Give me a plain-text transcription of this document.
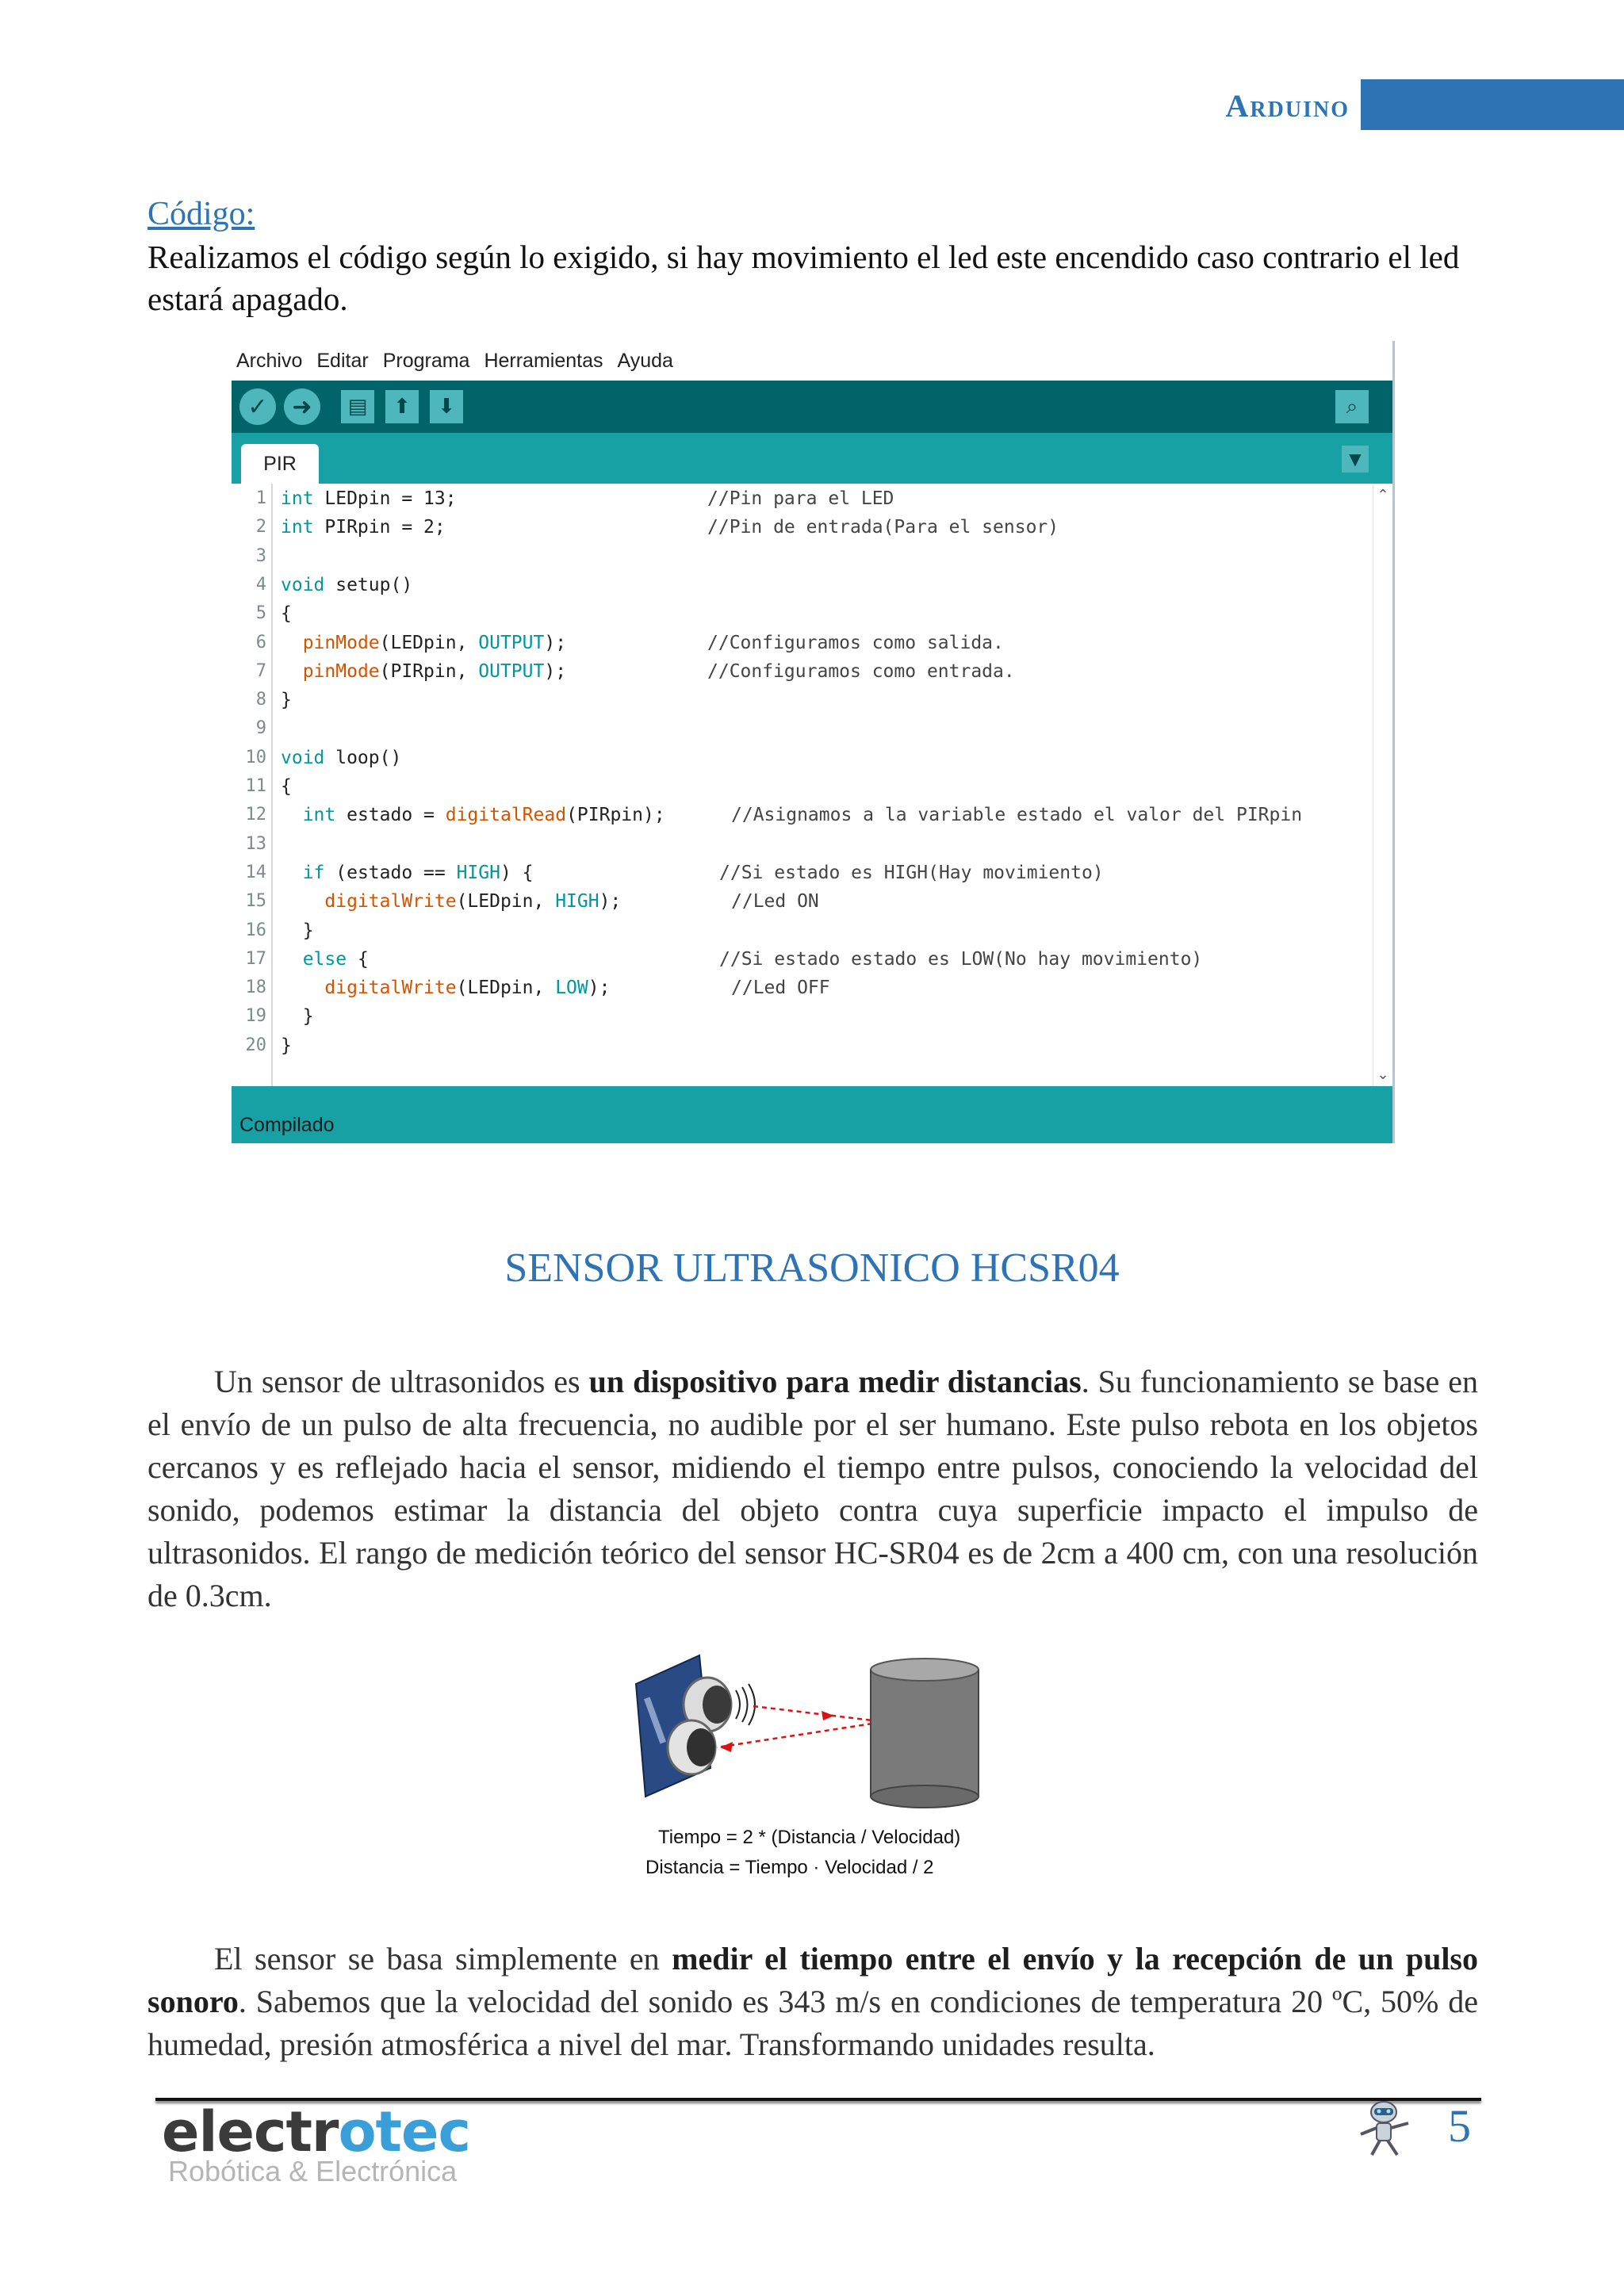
Arduino
Código:
Realizamos el código según lo exigido, si hay movimiento el led este encendido caso contrario el led estará apagado.
Archivo Editar Programa Herramientas Ayuda
✓	➜	▤	⬆	⬇	⌕
PIR	▼
1
2
3
4
5
6
7
8
9
10
11
12
13
14
15
16
17
18
19
20
int LEDpin = 13;	//Pin para el LED
int PIRpin = 2;	//Pin de entrada(Para el sensor)
void setup()
{
pinMode(LEDpin, OUTPUT);	//Configuramos como salida.
pinMode(PIRpin, OUTPUT);	//Configuramos como entrada.
}
void loop()
{
int estado = digitalRead(PIRpin);	//Asignamos a la variable estado el valor del PIRpin
if (estado == HIGH) {	//Si estado es HIGH(Hay movimiento)
digitalWrite(LEDpin, HIGH);	//Led ON
}
else {	//Si estado estado es LOW(No hay movimiento)
digitalWrite(LEDpin, LOW);	//Led OFF
}
}
⌃
⌄
Compilado
SENSOR ULTRASONICO HCSR04
Un sensor de ultrasonidos es un dispositivo para medir distancias. Su funcionamiento se base en el envío de un pulso de alta frecuencia, no audible por el ser humano. Este pulso rebota en los objetos cercanos y es reflejado hacia el sensor, midiendo el tiempo entre pulsos, conociendo la velocidad del sonido, podemos estimar la distancia del objeto contra cuya superficie impacto el impulso de ultrasonidos. El rango de medición teórico del sensor HC-SR04 es de 2cm a 400 cm, con una resolución de 0.3cm.
Tiempo = 2 * (Distancia / Velocidad)
Distancia = Tiempo · Velocidad / 2
El sensor se basa simplemente en medir el tiempo entre el envío y la recepción de un pulso sonoro. Sabemos que la velocidad del sonido es 343 m/s en condiciones de temperatura 20 ºC, 50% de humedad, presión atmosférica a nivel del mar. Transformando unidades resulta.
electrotec
Robótica & Electrónica
5
